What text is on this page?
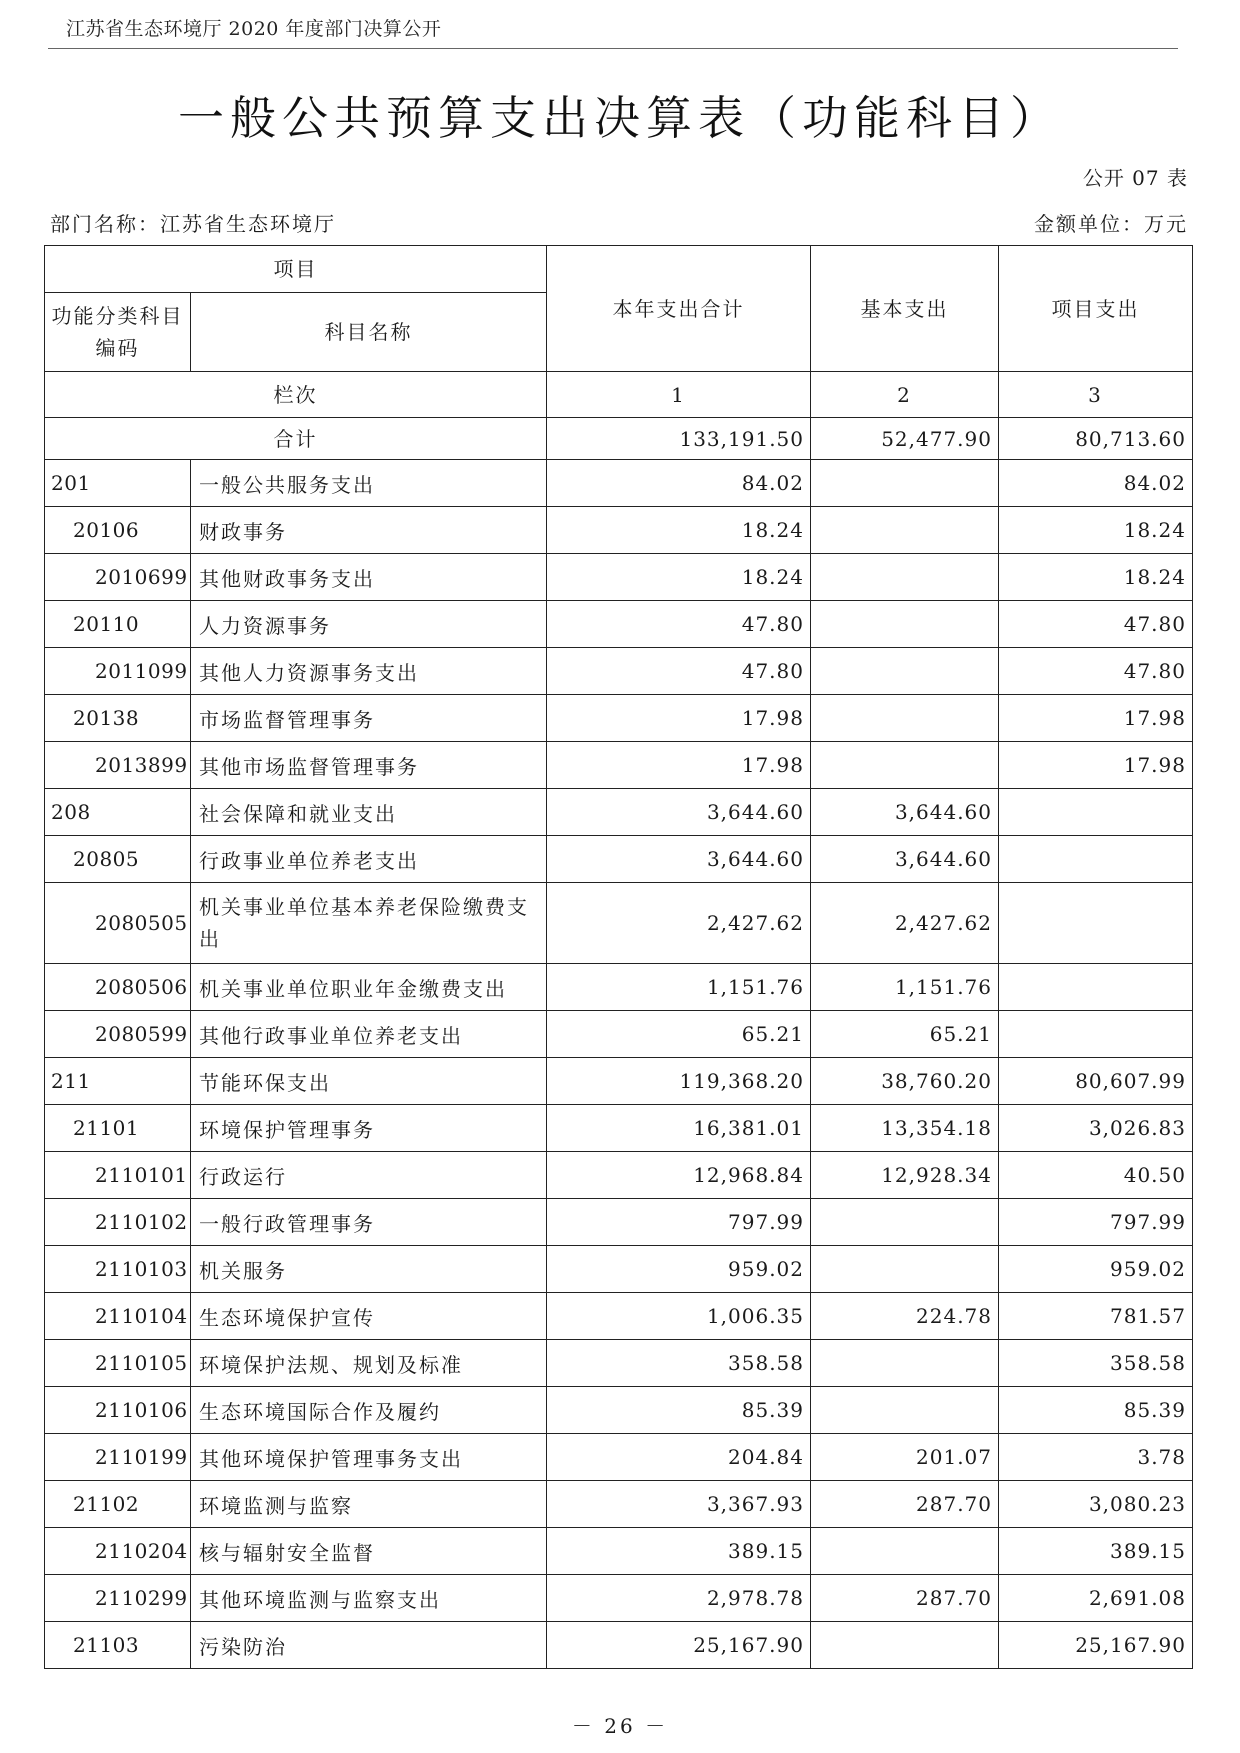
江苏省生态环境厅 2020 年度部门决算公开
一般公共预算支出决算表（功能科目）
公开 07 表
部门名称：江苏省生态环境厅	金额单位：万元
项目		本年支出合计	基本支出	项目支出
功能分类科目编码	科目名称			
栏次		1	2	3
合计		133,191.50	52,477.90	80,713.60
201	一般公共服务支出	84.02		84.02
20106	财政事务	18.24		18.24
2010699	其他财政事务支出	18.24		18.24
20110	人力资源事务	47.80		47.80
2011099	其他人力资源事务支出	47.80		47.80
20138	市场监督管理事务	17.98		17.98
2013899	其他市场监督管理事务	17.98		17.98
208	社会保障和就业支出	3,644.60	3,644.60	
20805	行政事业单位养老支出	3,644.60	3,644.60	
2080505	机关事业单位基本养老保险缴费支出	2,427.62	2,427.62	
2080506	机关事业单位职业年金缴费支出	1,151.76	1,151.76	
2080599	其他行政事业单位养老支出	65.21	65.21	
211	节能环保支出	119,368.20	38,760.20	80,607.99
21101	环境保护管理事务	16,381.01	13,354.18	3,026.83
2110101	行政运行	12,968.84	12,928.34	40.50
2110102	一般行政管理事务	797.99		797.99
2110103	机关服务	959.02		959.02
2110104	生态环境保护宣传	1,006.35	224.78	781.57
2110105	环境保护法规、规划及标准	358.58		358.58
2110106	生态环境国际合作及履约	85.39		85.39
2110199	其他环境保护管理事务支出	204.84	201.07	3.78
21102	环境监测与监察	3,367.93	287.70	3,080.23
2110204	核与辐射安全监督	389.15		389.15
2110299	其他环境监测与监察支出	2,978.78	287.70	2,691.08
21103	污染防治	25,167.90		25,167.90
－ 26 －
